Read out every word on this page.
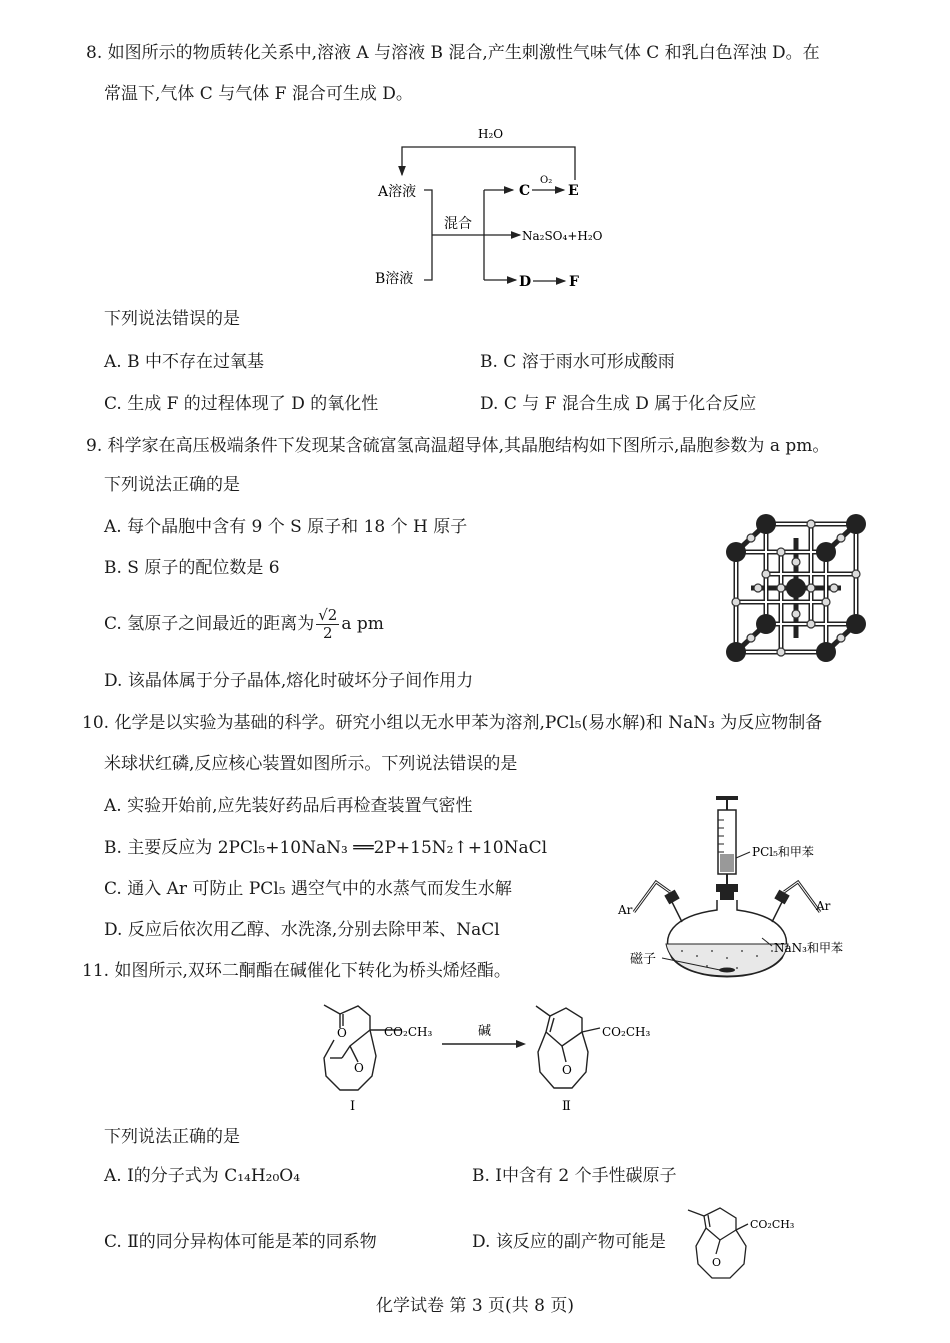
8. 如图所示的物质转化关系中,溶液 A 与溶液 B 混合,产生刺激性气味气体 C 和乳白色浑浊 D。在
常温下,气体 C 与气体 F 混合可生成 D。
H₂O
A溶液
B溶液
混合
C
O₂
E
Na₂SO₄+H₂O
D	F
下列说法错误的是
A. B 中不存在过氧基	B. C 溶于雨水可形成酸雨
C. 生成 F 的过程体现了 D 的氧化性	D. C 与 F 混合生成 D 属于化合反应
9. 科学家在高压极端条件下发现某含硫富氢高温超导体,其晶胞结构如下图所示,晶胞参数为 a pm。
下列说法正确的是
A. 每个晶胞中含有 9 个 S 原子和 18 个 H 原子
B. S 原子的配位数是 6
C. 氢原子之间最近的距离为 $\frac{√2}{2}$ a pm
D. 该晶体属于分子晶体,熔化时破坏分子间作用力
10. 化学是以实验为基础的科学。研究小组以无水甲苯为溶剂,PCl₅(易水解)和 NaN₃ 为反应物制备
米球状红磷,反应核心装置如图所示。下列说法错误的是
A. 实验开始前,应先装好药品后再检查装置气密性
B. 主要反应为 2PCl₅+10NaN₃ ══2P+15N₂↑+10NaCl
C. 通入 Ar 可防止 PCl₅ 遇空气中的水蒸气而发生水解
D. 反应后依次用乙醇、水洗涤,分别去除甲苯、NaCl
PCl₅和甲苯
Ar	Ar
磁子
NaN₃和甲苯
11. 如图所示,双环二酮酯在碱催化下转化为桥头烯烃酯。
O
O
CO₂CH₃	碱
O
CO₂CH₃
Ⅰ	Ⅱ
下列说法正确的是
A. Ⅰ的分子式为 C₁₄H₂₀O₄	B. Ⅰ中含有 2 个手性碳原子
C. Ⅱ的同分异构体可能是苯的同系物	D. 该反应的副产物可能是
O
CO₂CH₃
化学试卷 第 3 页(共 8 页)
